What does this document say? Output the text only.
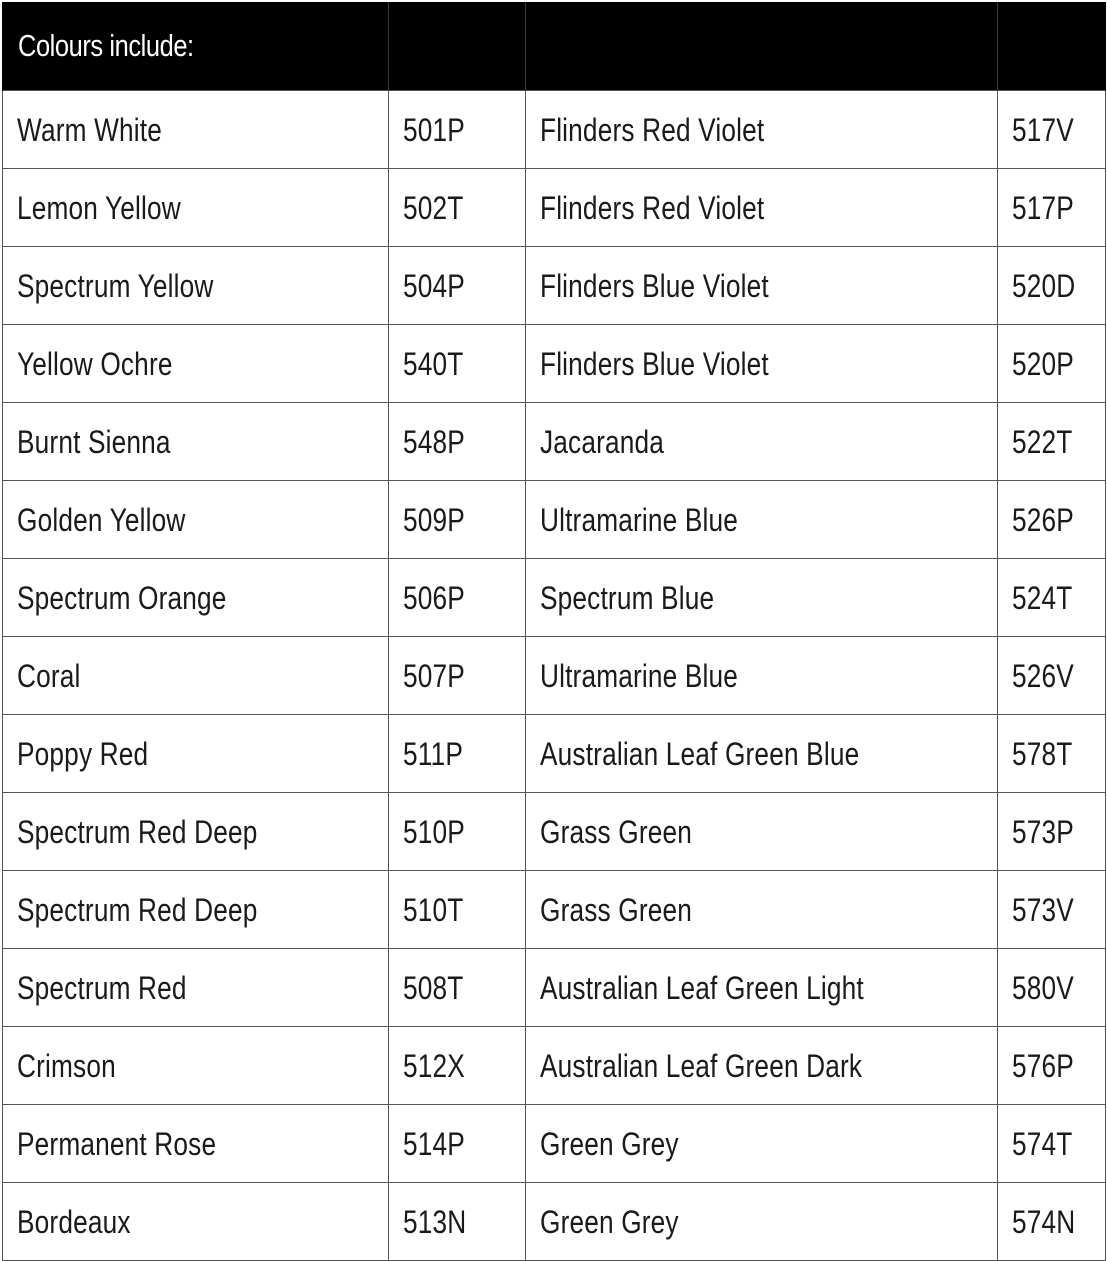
Colours include:			
Warm White	501P	Flinders Red Violet	517V
Lemon Yellow	502T	Flinders Red Violet	517P
Spectrum Yellow	504P	Flinders Blue Violet	520D
Yellow Ochre	540T	Flinders Blue Violet	520P
Burnt Sienna	548P	Jacaranda	522T
Golden Yellow	509P	Ultramarine Blue	526P
Spectrum Orange	506P	Spectrum Blue	524T
Coral	507P	Ultramarine Blue	526V
Poppy Red	511P	Australian Leaf Green Blue	578T
Spectrum Red Deep	510P	Grass Green	573P
Spectrum Red Deep	510T	Grass Green	573V
Spectrum Red	508T	Australian Leaf Green Light	580V
Crimson	512X	Australian Leaf Green Dark	576P
Permanent Rose	514P	Green Grey	574T
Bordeaux	513N	Green Grey	574N
